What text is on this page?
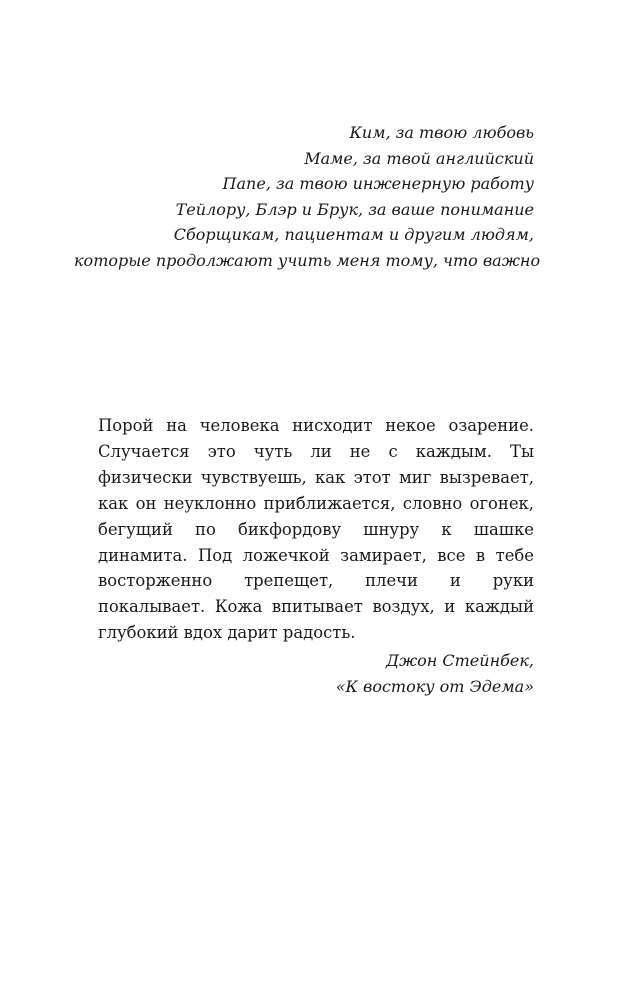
Ким, за твою любовь
Маме, за твой английский
Папе, за твою инженерную работу
Тейлору, Блэр и Брук, за ваше понимание
Сборщикам, пациентам и другим людям,
которые продолжают учить меня тому, что важно

Порой на человека нисходит некое озарение. Случается это чуть ли не с каждым. Ты физически чувствуешь, как этот миг вызревает, как он неуклонно приближается, словно огонек, бегущий по бикфордову шнуру к шашке динамита. Под ложечкой замирает, все в тебе восторженно трепещет, плечи и руки покалывает. Кожа впитывает воздух, и каждый глубокий вдох дарит радость.

Джон Стейнбек,
«К востоку от Эдема»
